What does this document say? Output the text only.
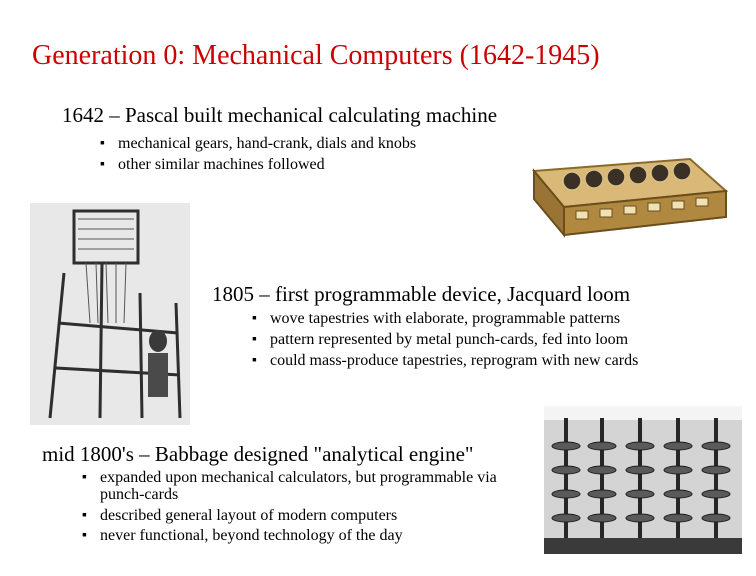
Generation 0: Mechanical Computers (1642-1945)
1642 – Pascal built mechanical calculating machine
▪ mechanical gears, hand-crank, dials and knobs
▪ other similar machines followed
1805 – first programmable device, Jacquard loom
▪ wove tapestries with elaborate, programmable patterns
▪ pattern represented by metal punch-cards, fed into loom
▪ could mass-produce tapestries, reprogram with new cards
mid 1800's – Babbage designed "analytical engine"
▪ expanded upon mechanical calculators, but programmable via punch-cards
▪ described general layout of modern computers
▪ never functional, beyond technology of the day
